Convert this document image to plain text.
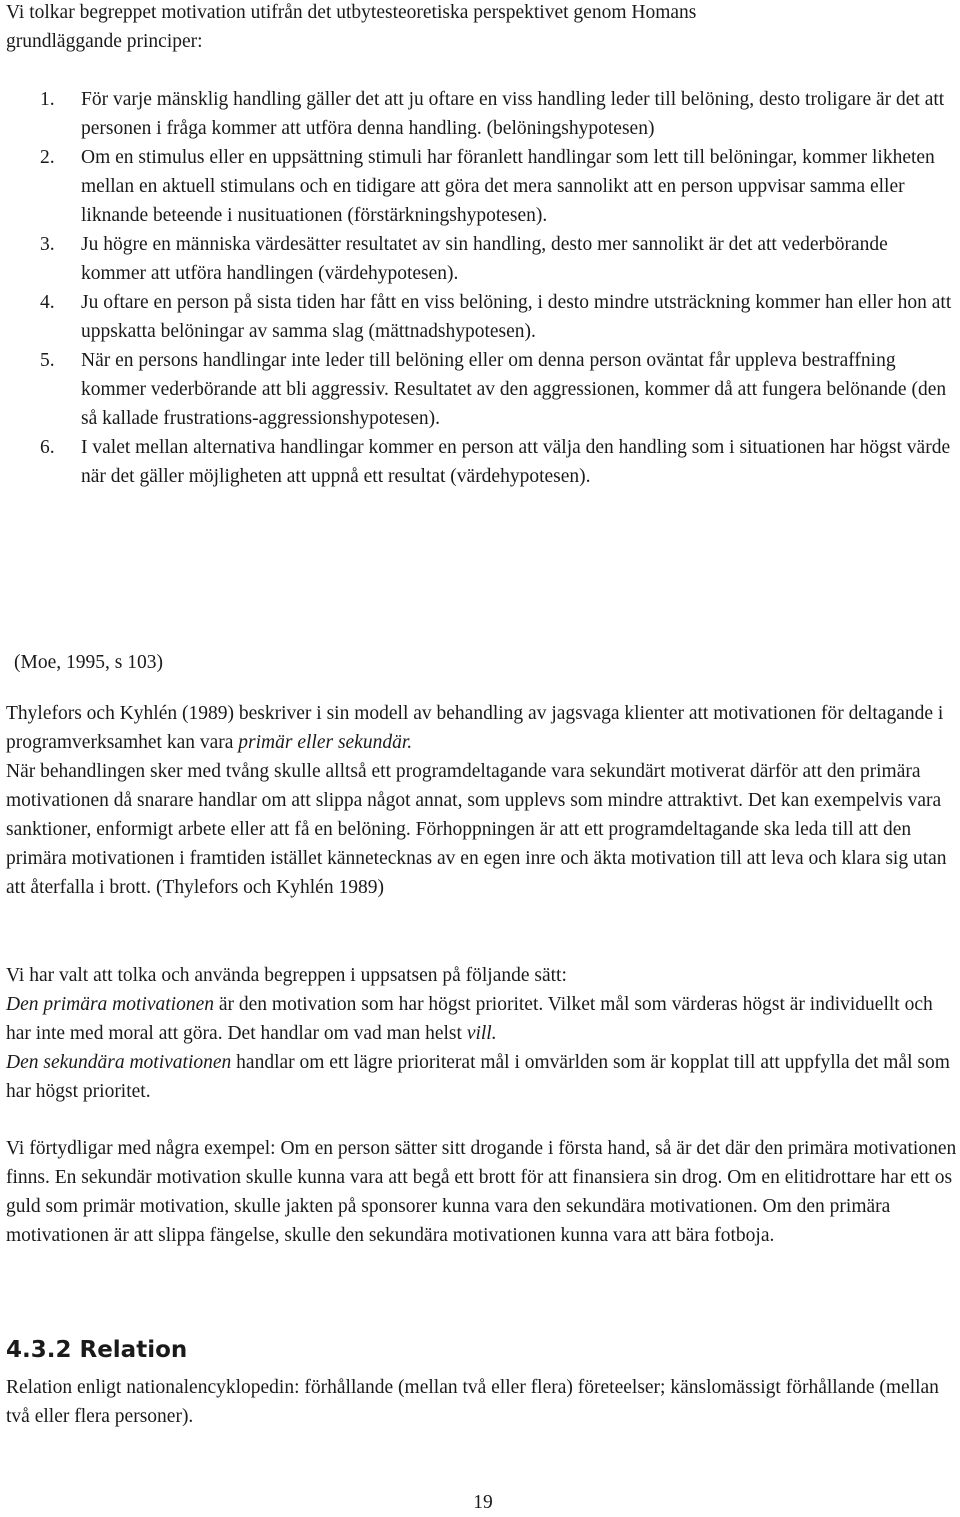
Vi tolkar begreppet motivation utifrån det utbytesteoretiska perspektivet genom Homans
grundläggande principer:

1. För varje mänsklig handling gäller det att ju oftare en viss handling leder till belöning, desto troligare är det att personen i fråga kommer att utföra denna handling. (belöningshypotesen)
2. Om en stimulus eller en uppsättning stimuli har föranlett handlingar som lett till belöningar, kommer likheten mellan en aktuell stimulans och en tidigare att göra det mera sannolikt att en person uppvisar samma eller liknande beteende i nusituationen (förstärkningshypotesen).
3. Ju högre en människa värdesätter resultatet av sin handling, desto mer sannolikt är det att vederbörande kommer att utföra handlingen (värdehypotesen).
4. Ju oftare en person på sista tiden har fått en viss belöning, i desto mindre utsträckning kommer han eller hon att uppskatta belöningar av samma slag (mättnadshypotesen).
5. När en persons handlingar inte leder till belöning eller om denna person oväntat får uppleva bestraffning kommer vederbörande att bli aggressiv. Resultatet av den aggressionen, kommer då att fungera belönande (den så kallade frustrations-aggressionshypotesen).
6. I valet mellan alternativa handlingar kommer en person att välja den handling som i situationen har högst värde när det gäller möjligheten att uppnå ett resultat (värdehypotesen).

(Moe, 1995, s 103)

Thylefors och Kyhlén (1989) beskriver i sin modell av behandling av jagsvaga klienter att motivationen för deltagande i programverksamhet kan vara primär eller sekundär.
När behandlingen sker med tvång skulle alltså ett programdeltagande vara sekundärt motiverat därför att den primära motivationen då snarare handlar om att slippa något annat, som upplevs som mindre attraktivt. Det kan exempelvis vara sanktioner, enformigt arbete eller att få en belöning. Förhoppningen är att ett programdeltagande ska leda till att den primära motivationen i framtiden istället kännetecknas av en egen inre och äkta motivation till att leva och klara sig utan att återfalla i brott. (Thylefors och Kyhlén 1989)

Vi har valt att tolka och använda begreppen i uppsatsen på följande sätt:
Den primära motivationen är den motivation som har högst prioritet. Vilket mål som värderas högst är individuellt och har inte med moral att göra. Det handlar om vad man helst vill.
Den sekundära motivationen handlar om ett lägre prioriterat mål i omvärlden som är kopplat till att uppfylla det mål som har högst prioritet.

Vi förtydligar med några exempel: Om en person sätter sitt drogande i första hand, så är det där den primära motivationen finns. En sekundär motivation skulle kunna vara att begå ett brott för att finansiera sin drog. Om en elitidrottare har ett os guld som primär motivation, skulle jakten på sponsorer kunna vara den sekundära motivationen. Om den primära motivationen är att slippa fängelse, skulle den sekundära motivationen kunna vara att bära fotboja.

4.3.2 Relation

Relation enligt nationalencyklopedin: förhållande (mellan två eller flera) företeelser; känslomässigt förhållande (mellan två eller flera personer).

19
